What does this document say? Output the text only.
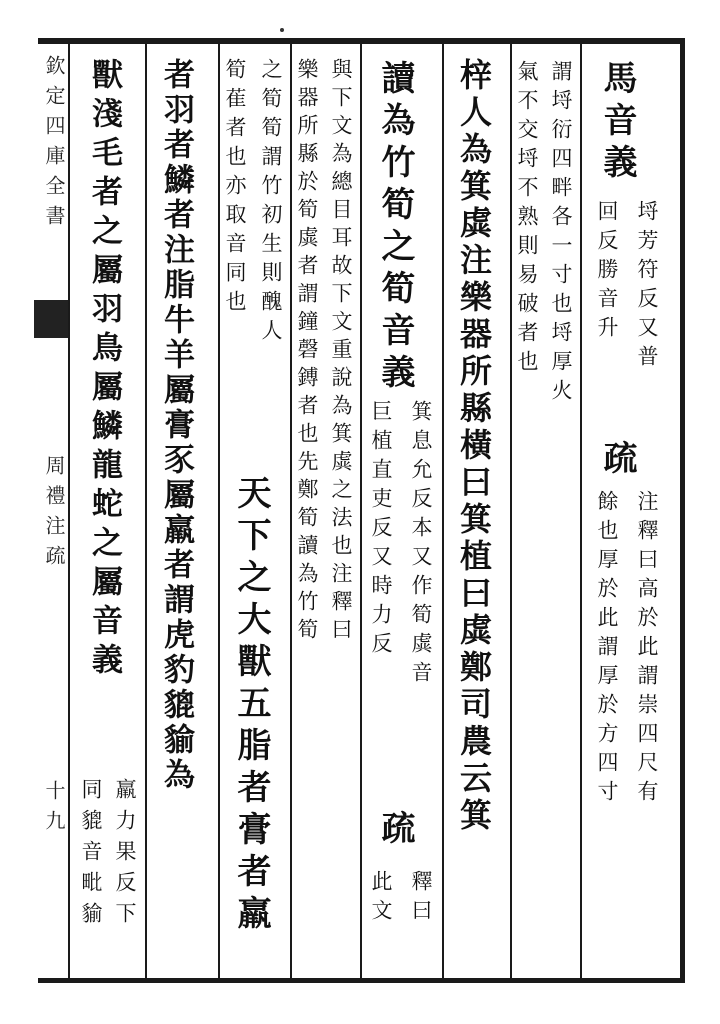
欽定四庫全書
周禮注疏
十九
馬音義
埒芳符反又普
回反勝音升
疏
注釋曰高於此謂崇四尺有
餘也厚於此謂厚於方四寸
謂埒衍四畔各一寸也埒厚火
氣不交埒不熟則易破者也
梓人為箕虡注樂器所縣橫曰箕植曰虡鄭司農云箕
讀為竹筍之筍音義
箕息允反本又作筍虡音
巨植直吏反又時力反
疏
釋曰
此文
與下文為總目耳故下文重說為箕虡之法也注釋曰
樂器所縣於筍虡者謂鐘磬鎛者也先鄭筍讀為竹筍
之筍筍謂竹初生則醜人
筍萑者也亦取音同也
天下之大獸五脂者膏者羸
者羽者鱗者注脂牛羊屬膏豕屬羸者謂虎豹貔貐為
獸淺毛者之屬羽鳥屬鱗龍蛇之屬音義
羸力果反下
同貔音毗貐
